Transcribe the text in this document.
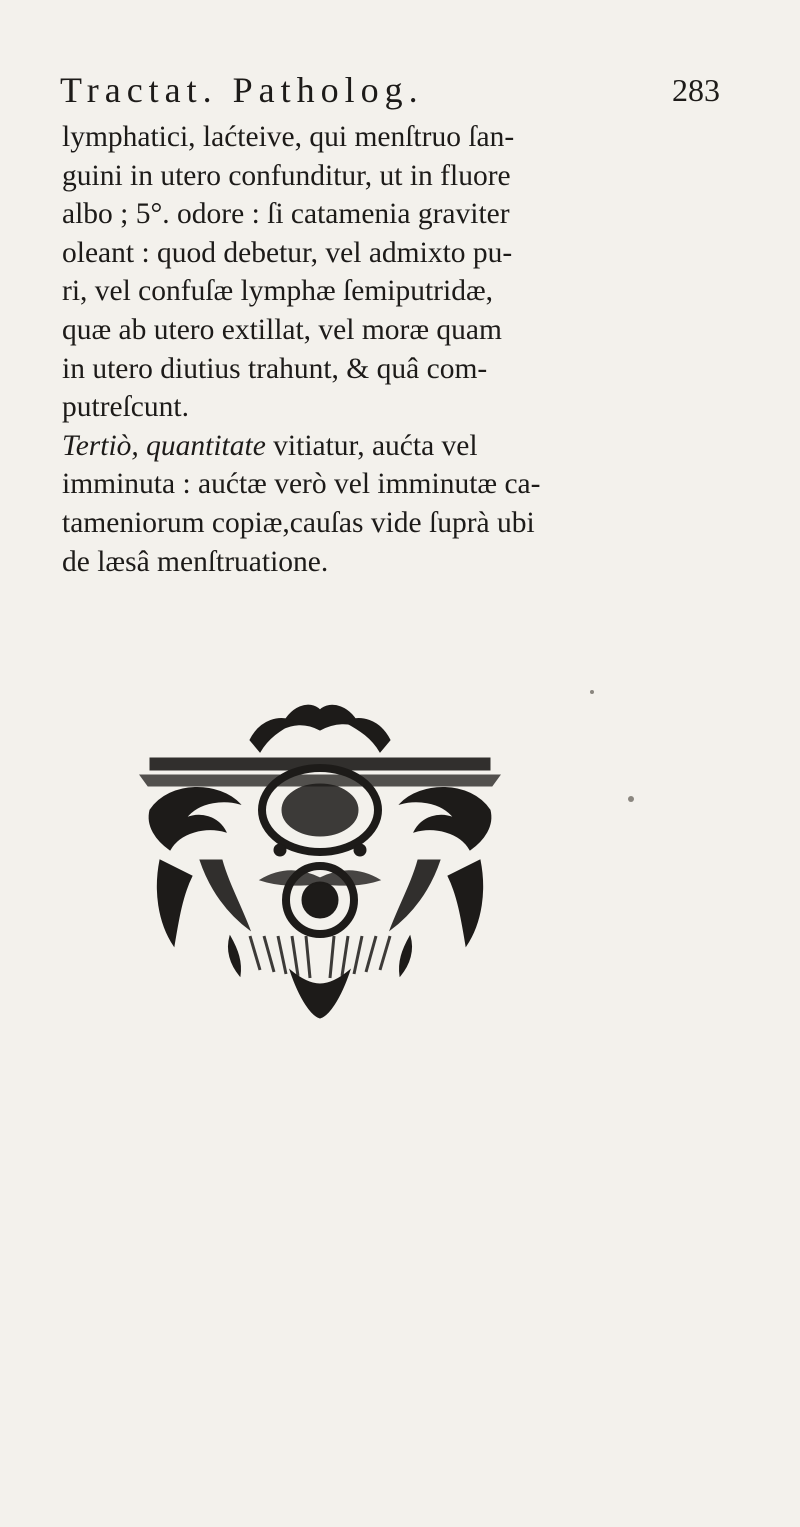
Tractat. Patholog.	283
lymphatici, laćteive, qui menſtruo ſan-
guini in utero confunditur, ut in fluore
albo ; 5°. odore : ſi catamenia graviter
oleant : quod debetur, vel admixto pu-
ri, vel confuſæ lymphæ ſemiputridæ,
quæ ab utero extillat, vel moræ quam
in utero diutius trahunt, & quâ com-
putreſcunt.
Tertiò, quantitate vitiatur, aućta vel
imminuta : aućtæ verò vel imminutæ ca-
tameniorum copiæ,cauſas vide ſuprà ubi
de læsâ menſtruatione.
